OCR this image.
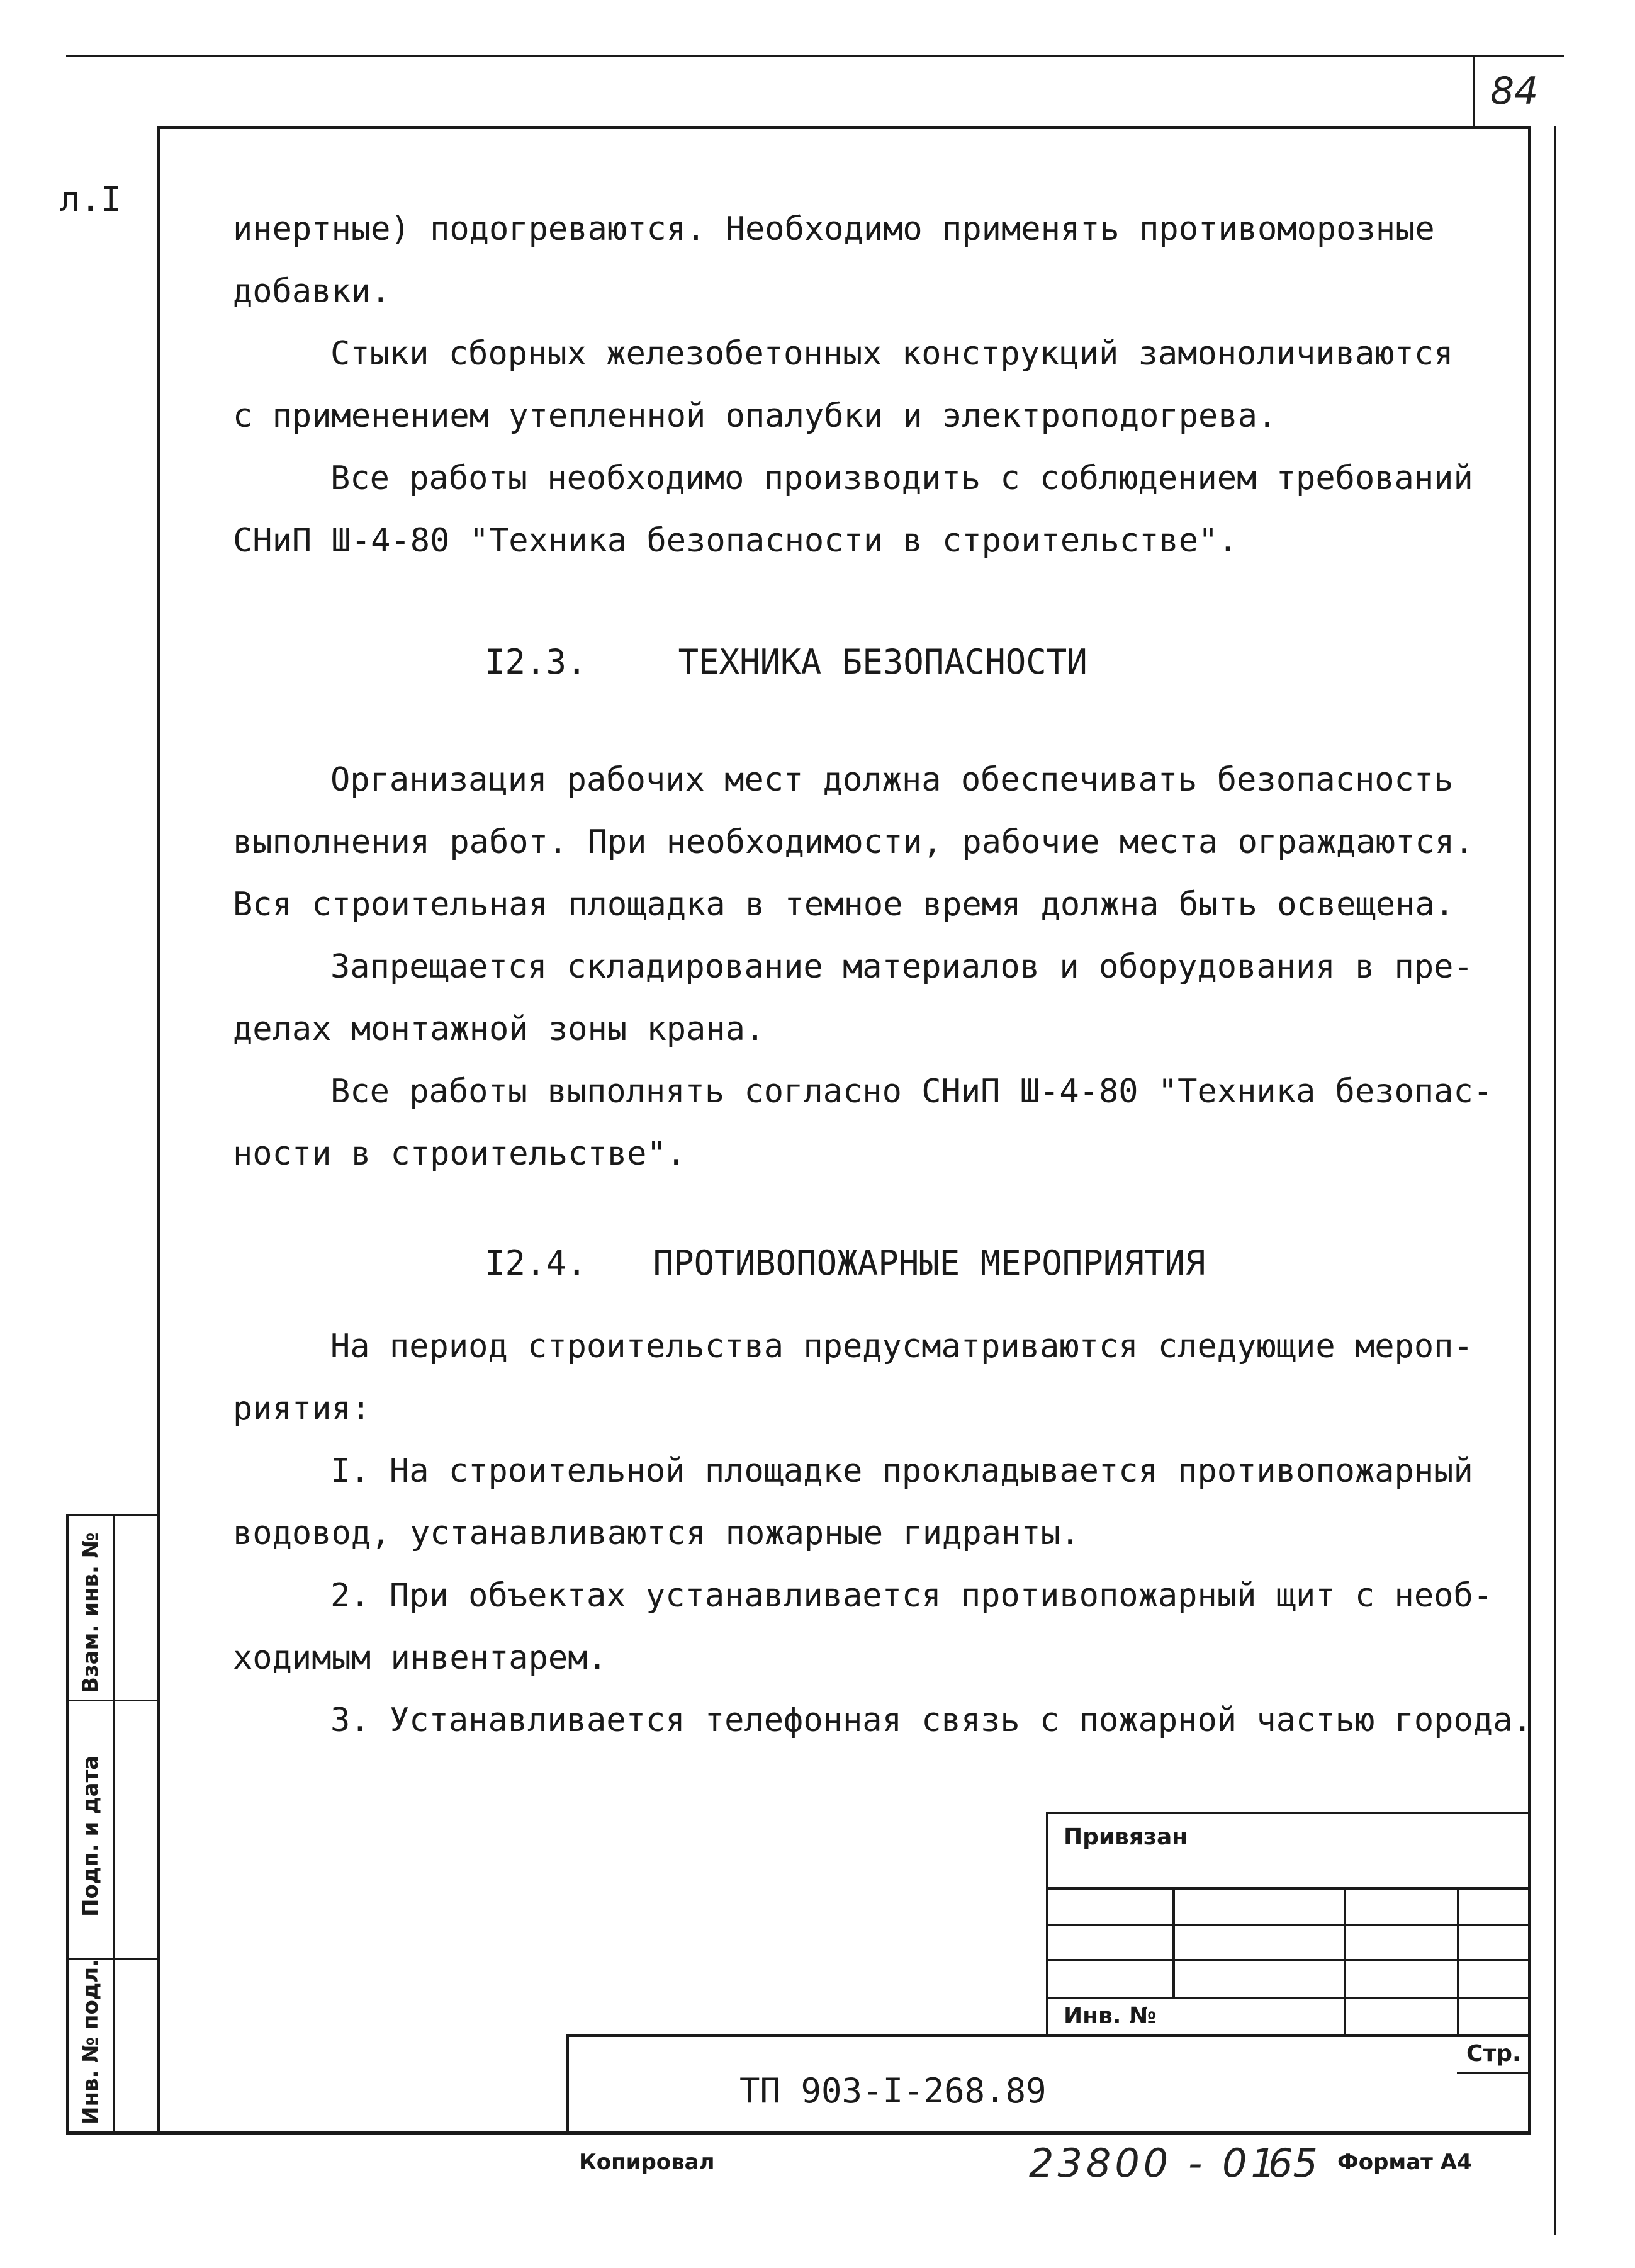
84
л.I
инертные) подогреваются. Необходимо применять противоморозные
добавки.
Стыки сборных железобетонных конструкций замоноличиваются
с применением утепленной опалубки и электроподогрева.
Все работы необходимо производить с соблюдением требований
СНиП Ш-4-80 "Техника безопасности в строительстве".
I2.3.	ТЕХНИКА БЕЗОПАСНОСТИ
Организация рабочих мест должна обеспечивать безопасность
выполнения работ. При необходимости, рабочие места ограждаются.
Вся строительная площадка в темное время должна быть освещена.
Запрещается складирование материалов и оборудования в пре-
делах монтажной зоны крана.
Все работы выполнять согласно СНиП Ш-4-80 "Техника безопас-
ности в строительстве".
I2.4. ПРОТИВОПОЖАРНЫЕ МЕРОПРИЯТИЯ
На период строительства предусматриваются следующие мероп-
риятия:
I. На строительной площадке прокладывается противопожарный
водовод, устанавливаются пожарные гидранты.
2. При объектах устанавливается противопожарный щит с необ-
ходимым инвентарем.
3. Устанавливается телефонная связь с пожарной частью города.
Взам. инв. №
Подп. и дата
Инв. № подл.
Привязан
Инв. №
Стр.
ТП 903-I-268.89
Копировал	23800 - 01
65 Формат А4
